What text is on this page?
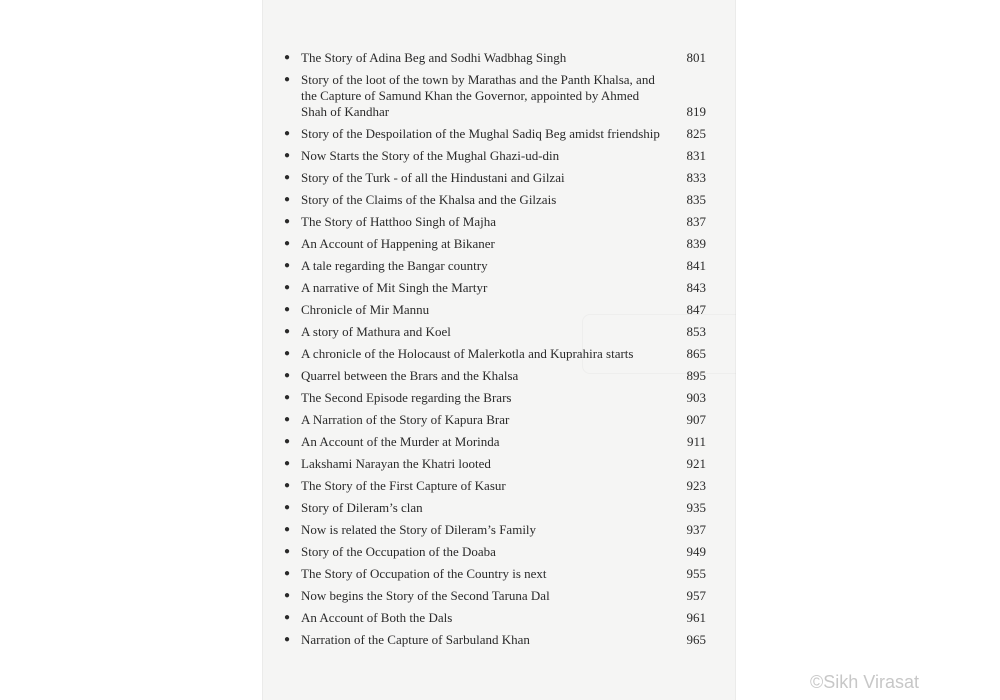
● The Story of Adina Beg and Sodhi Wadbhag Singh	801
● Story of the loot of the town by Marathas and the Panth Khalsa, and the Capture of Samund Khan the Governor, appointed by Ahmed Shah of Kandhar	819
● Story of the Despoilation of the Mughal Sadiq Beg amidst friendship	825
● Now Starts the Story of the Mughal Ghazi-ud-din	831
● Story of the Turk - of all the Hindustani and Gilzai	833
● Story of the Claims of the Khalsa and the Gilzais	835
● The Story of Hatthoo Singh of Majha	837
● An Account of Happening at Bikaner	839
● A tale regarding the Bangar country	841
● A narrative of Mit Singh the Martyr	843
● Chronicle of Mir Mannu	847
● A story of Mathura and Koel	853
● A chronicle of the Holocaust of Malerkotla and Kuprahira starts	865
● Quarrel between the Brars and the Khalsa	895
● The Second Episode regarding the Brars	903
● A Narration of the Story of Kapura Brar	907
● An Account of the Murder at Morinda	911
● Lakshami Narayan the Khatri looted	921
● The Story of the First Capture of Kasur	923
● Story of Dileram’s clan	935
● Now is related the Story of Dileram’s Family	937
● Story of the Occupation of the Doaba	949
● The Story of Occupation of the Country is next	955
● Now begins the Story of the Second Taruna Dal	957
● An Account of Both the Dals	961
● Narration of the Capture of Sarbuland Khan	965
©Sikh Virasat
